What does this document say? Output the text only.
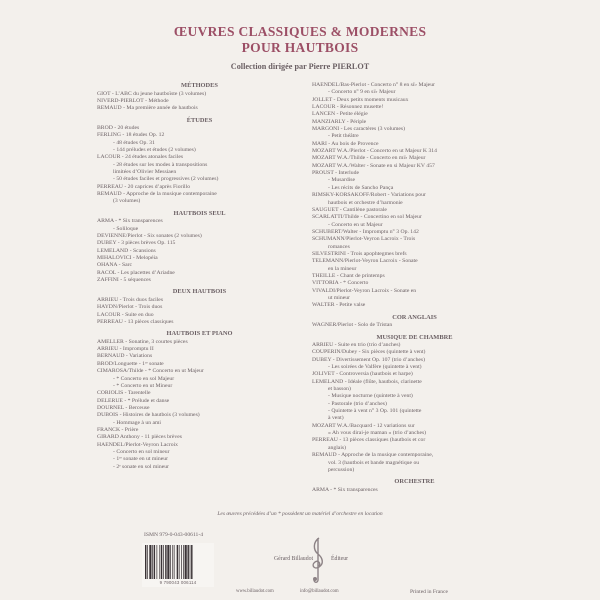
ŒUVRES CLASSIQUES & MODERNES
POUR HAUTBOIS
Collection dirigée par Pierre PIERLOT
MÉTHODES
GIOT - L’ABC du jeune hautboïste (3 volumes)
NIVERD-PIERLOT - Méthode
REMAUD - Ma première année de hautbois
ÉTUDES
BROD - 20 études
FERLING - 18 études Op. 12
- 48 études Op. 31
- 144 préludes et études (2 volumes)
LACOUR - 24 études atonales faciles
- 28 études sur les modes à transpositions
limitées d’Olivier Messiaen
- 50 études faciles et progressives (2 volumes)
PERREAU - 20 caprices d’après Fiorillo
REMAUD - Approche de la musique contemporaine
(3 volumes)
HAUTBOIS SEUL
ARMA - * Six transparences
- Soliloque
DEVIENNE/Pierlot - Six sonates (2 volumes)
DUBEY - 3 pièces brèves Op. 115
LEMELAND - Scansions
MIHALOVICI - Melopéia
OHANA - Sarc
RACOL - Les placettes d’Ariadne
ZAFFINI - 5 séquences
DEUX HAUTBOIS
ARRIEU - Trois duos faciles
HAYDN/Pierlot - Trois duos
LACOUR - Suite en duo
PERREAU - 13 pièces classiques
HAUTBOIS ET PIANO
AMELLER - Sonatine, 3 courtes pièces
ARRIEU - Impromptu II
BERNAUD - Variations
BROD/Longuette - 1ʳᵉ sonate
CIMAROSA/Thilde - * Concerto en ut Majeur
- * Concerto en sol Majeur
- * Concerto en ut Mineur
CORIOLIS - Tarentelle
DELERUE - * Prélude et danse
DOURNEL - Berceuse
DUBOIS - Histoires de hautbois (3 volumes)
- Hommage à un ami
FRANCK - Prière
GIRARD Anthony - 11 pièces brèves
HAENDEL/Pierlot-Veyron Lacroix
- Concerto en sol mineur
- 1ʳᵉ sonate en ut mineur
- 2ᵉ sonate en sol mineur
HAENDEL/Bas-Pierlot - Concerto n° 8 en si♭ Majeur
- Concerto n° 9 en si♭ Majeur
JOLLET - Deux petits moments musicaux
LACOUR - Résonnez musette!
LANCEN - Petite élégie
MANZIARLY - Périple
MARGONI - Les caractères (3 volumes)
- Petit théâtre
MARI - Au bois de Provence
MOZART W.A./Pierlot - Concerto en ut Majeur K 314
MOZART W.A./Thilde - Concerto en mi♭ Majeur
MOZART W.A./Walter - Sonate en si Majeur KV 457
PROUST - Interlude
- Musardise
- Les récits de Sancho Pança
RIMSKY-KORSAKOFF/Robert - Variations pour
hautbois et orchestre d’harmonie
SAUGUET - Cantilène pastorale
SCARLATTI/Thilde - Concertino en sol Majeur
- Concerto en ut Majeur
SCHUBERT/Walter - Impromptu n° 3 Op. 142
SCHUMANN/Pierlot-Veyron Lacroix - Trois
romances
SILVESTRINI - Trois apophtegmes brefs
TELEMANN/Pierlot-Veyron Lacroix - Sonate
en la mineur
THEILLE - Chant de printemps
VITTORIA - * Concerto
VIVALDI/Pierlot-Veyron Lacroix - Sonate en
ut mineur
WALTER - Petite valse
COR ANGLAIS
WAGNER/Pierlot - Solo de Tristan
MUSIQUE DE CHAMBRE
ARRIEU - Suite en trio (trio d’anches)
COUPERIN/Dubey - Six pièces (quintette à vent)
DUBEY - Divertissement Op. 107 (trio d’anches)
- Les soirées de Valfère (quintette à vent)
JOLIVET - Controversia (hautbois et harpe)
LEMELAND - Idéale (flûte, hautbois, clarinette
et basson)
- Musique nocturne (quintette à vent)
- Pastorale (trio d’anches)
- Quintette à vent n° 3 Op. 101 (quintette
à vent)
MOZART W.A./Bacquard - 12 variations sur
« Ah vous dirai-je maman » (trio d’anches)
PERREAU - 13 pièces classiques (hautbois et cor
anglais)
REMAUD - Approche de la musique contemporaine,
vol. 3 (hautbois et bande magnétique ou
percussion)
ORCHESTRE
ARMA - * Six transparences
Les œuvres précédées d’un * possèdent un matériel d’orchestre en location
ISMN 979-0-043-00611-4
9 790043 006114
Gérard Billaudot	Éditeur
www.billaudot.com	info@billaudot.com	Printed in France
